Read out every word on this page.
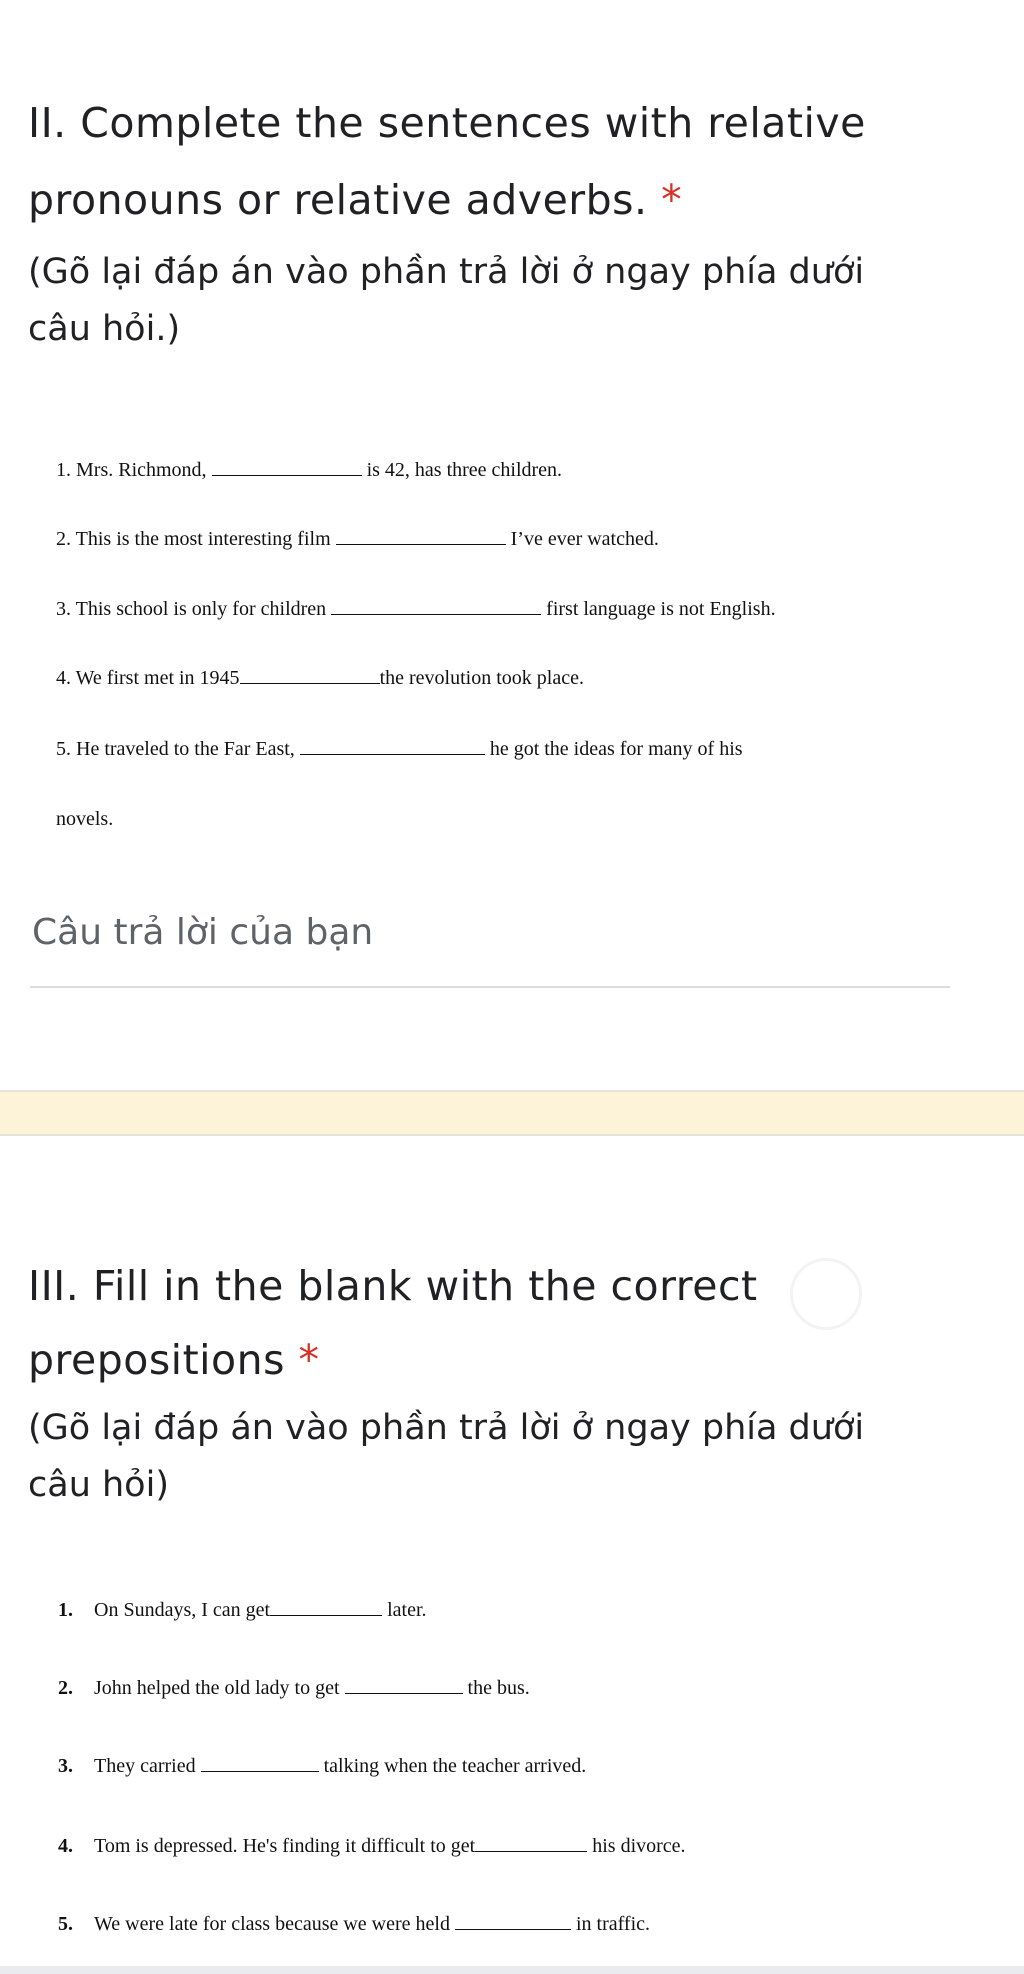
II. Complete the sentences with relative
pronouns or relative adverbs. *
(Gõ lại đáp án vào phần trả lời ở ngay phía dưới
câu hỏi.)
1. Mrs. Richmond,	is 42, has three children.
2. This is the most interesting film	I’ve ever watched.
3. This school is only for children	first language is not English.
4. We first met in 1945	the revolution took place.
5. He traveled to the Far East,	he got the ideas for many of his
novels.
Câu trả lời của bạn
III. Fill in the blank with the correct
prepositions *
(Gõ lại đáp án vào phần trả lời ở ngay phía dưới
câu hỏi)
1. On Sundays, I can get	later.
2. John helped the old lady to get	the bus.
3. They carried	talking when the teacher arrived.
4. Tom is depressed. He's finding it difficult to get	his divorce.
5. We were late for class because we were held	in traffic.
